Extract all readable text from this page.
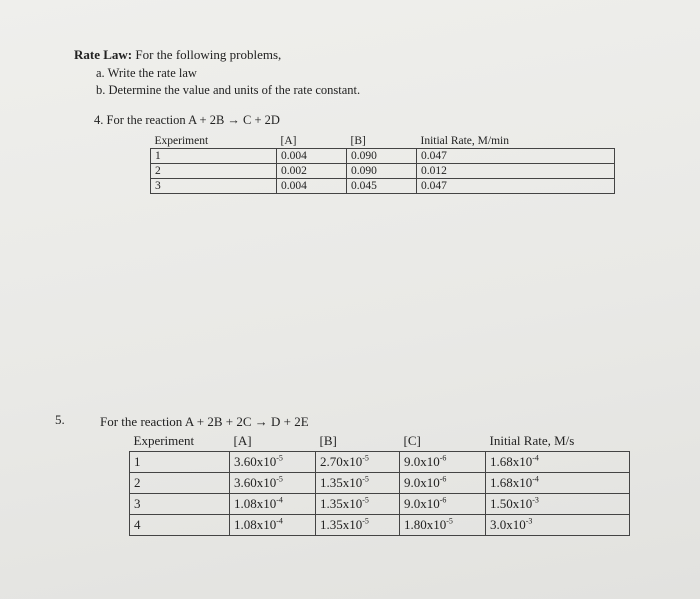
Rate Law: For the following problems,
a. Write the rate law
b. Determine the value and units of the rate constant.
4. For the reaction A + 2B → C + 2D
Experiment	[A]	[B]	Initial Rate, M/min
1	0.004	0.090	0.047
2	0.002	0.090	0.012
3	0.004	0.045	0.047
5.	For the reaction A + 2B + 2C → D + 2E
Experiment	[A]	[B]	[C]	Initial Rate, M/s
1	$3.60x10^{-5}$	$2.70x10^{-5}$	$9.0x10^{-6}$	$1.68x10^{-4}$
2	$3.60x10^{-5}$	$1.35x10^{-5}$	$9.0x10^{-6}$	$1.68x10^{-4}$
3	$1.08x10^{-4}$	$1.35x10^{-5}$	$9.0x10^{-6}$	$1.50x10^{-3}$
4	$1.08x10^{-4}$	$1.35x10^{-5}$	$1.80x10^{-5}$	$3.0x10^{-3}$
